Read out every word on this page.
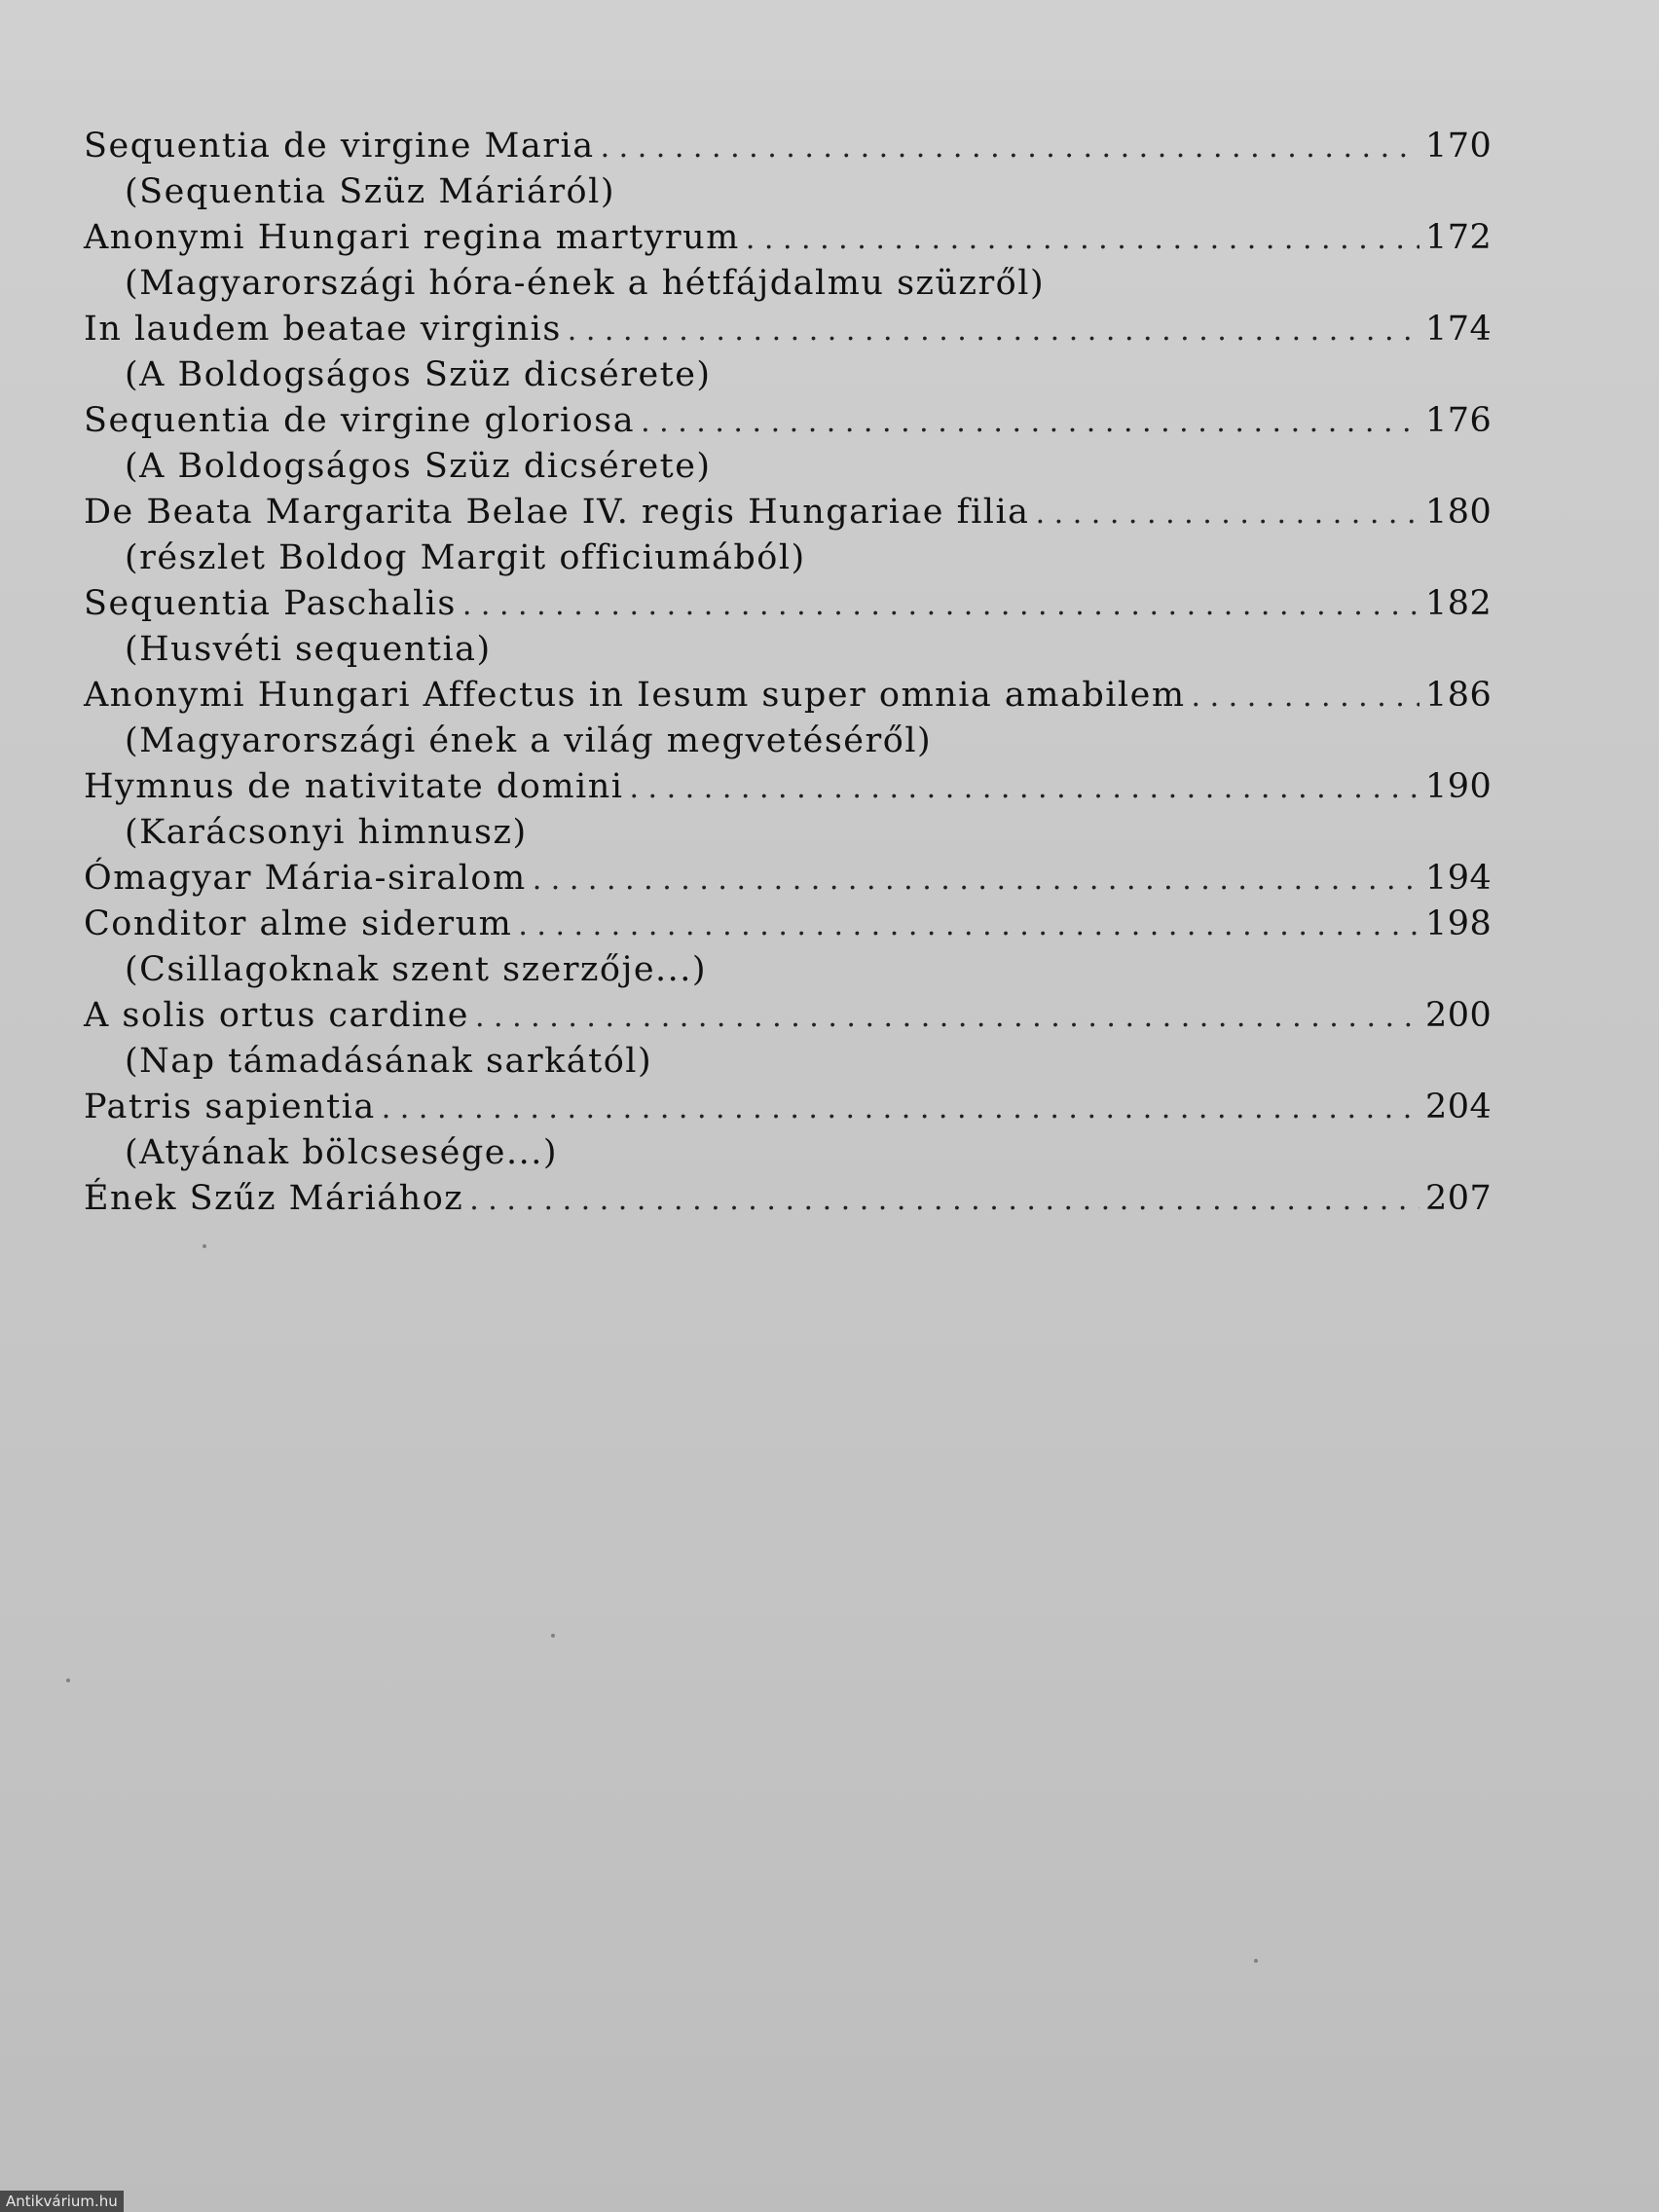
Sequentia de virgine Maria . . .	170
(Sequentia Szüz Máriáról)
Anonymi Hungari regina martyrum . . .	172
(Magyarországi hóra-ének a hétfájdalmu szüzről)
In laudem beatae virginis . . .	174
(A Boldogságos Szüz dicsérete)
Sequentia de virgine gloriosa . . .	176
(A Boldogságos Szüz dicsérete)
De Beata Margarita Belae IV. regis Hungariae filia . . .	180
(részlet Boldog Margit officiumából)
Sequentia Paschalis . . .	182
(Husvéti sequentia)
Anonymi Hungari Affectus in Iesum super omnia amabilem . . .	186
(Magyarországi ének a világ megvetéséről)
Hymnus de nativitate domini . . .	190
(Karácsonyi himnusz)
Ómagyar Mária-siralom . . .	194
Conditor alme siderum . . .	198
(Csillagoknak szent szerzője...)
A solis ortus cardine . . .	200
(Nap támadásának sarkától)
Patris sapientia . . .	204
(Atyának bölcsesége...)
Ének Szűz Máriához . . .	207
Antikvárium.hu
